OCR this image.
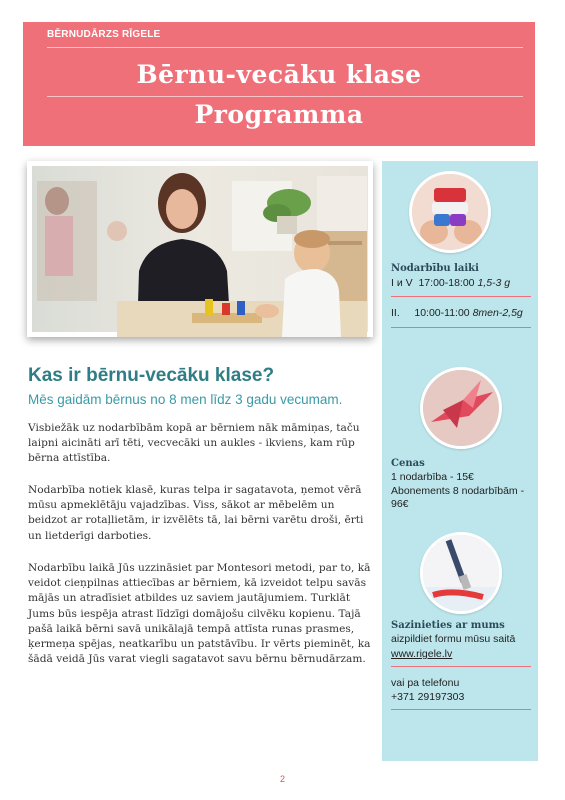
BĒRNUDĀRZS RĪGELE
Bērnu-vecāku klase
Programma
Kas ir bērnu-vecāku klase?
Mēs gaidām bērnus no 8 men līdz 3 gadu vecumam.
Visbiežāk uz nodarbībām kopā ar bērniem nāk māmiņas, taču laipni aicināti arī tēti, vecvecāki un aukles - ikviens, kam rūp bērna attīstība.
Nodarbība notiek klasē, kuras telpa ir sagatavota, ņemot vērā mūsu apmeklētāju vajadzības. Viss, sākot ar mēbelēm un beidzot ar rotaļlietām, ir izvēlēts tā, lai bērni varētu droši, ērti un lietderīgi darboties.
Nodarbību laikā Jūs uzzināsiet par Montesori metodi, par to, kā veidot cieņpilnas attiecības ar bērniem, kā izveidot telpu savās mājās un atradīsiet atbildes uz saviem jautājumiem. Turklāt Jums būs iespēja atrast līdzīgi domājošu cilvēku kopienu. Tajā pašā laikā bērni savā unikālajā tempā attīsta runas prasmes, ķermeņa spējas, neatkarību un patstāvību. Ir vērts pieminēt, ka šādā veidā Jūs varat viegli sagatavot savu bērnu bērnudārzam.
Nodarbību laiki
I и V 17:00-18:00 1,5-3 g
II. 10:00-11:00 8men-2,5g
Cenas
1 nodarbība - 15€
Abonements 8 nodarbībām - 96€
Sazinieties ar mums
aizpildiet formu mūsu saitā
www.rigele.lv
vai pa telefonu
+371 29197303
2
